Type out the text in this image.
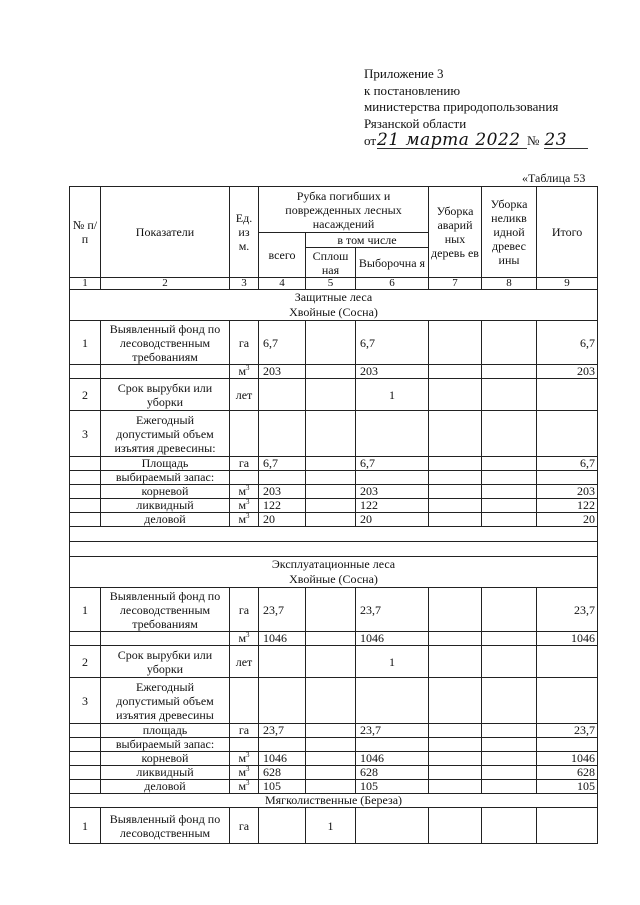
Приложение 3
к постановлению
министерства природопользования
Рязанской области
от21 марта 2022 № 23
«Таблица 53
№ п/п	Показатели	Ед. из м.	Рубка погибших и поврежденных лесных насаждений			Уборка аварий ных деревь ев	Уборка неликв идной древес ины	Итого
			всего	в том числе				
				Сплош ная	Выборочна я			
1	2	3	4	5	6	7	8	9
Защитные леса
Хвойные (Сосна)								
1	Выявленный фонд по лесоводственным требованиям	га	6,7		6,7			6,7
		$м^3$	203		203			203
2	Срок вырубки или уборки	лет			1			
3	Ежегодный допустимый объем изъятия древесины:							
	Площадь	га	6,7		6,7			6,7
	выбираемый запас:							
	корневой	$м^3$	203		203			203
	ликвидный	$м^3$	122		122			122
	деловой	$м^3$	20		20			20

Эксплуатационные леса
Хвойные (Сосна)								
1	Выявленный фонд по лесоводственным требованиям	га	23,7		23,7			23,7
		$м^3$	1046		1046			1046
2	Срок вырубки или уборки	лет			1			
3	Ежегодный допустимый объем изъятия древесины							
	площадь	га	23,7		23,7			23,7
	выбираемый запас:							
	корневой	$м^3$	1046		1046			1046
	ликвидный	$м^3$	628		628			628
	деловой	$м^3$	105		105			105
Мягколиственные (Береза)								
1	Выявленный фонд по лесоводственным	га		1				
